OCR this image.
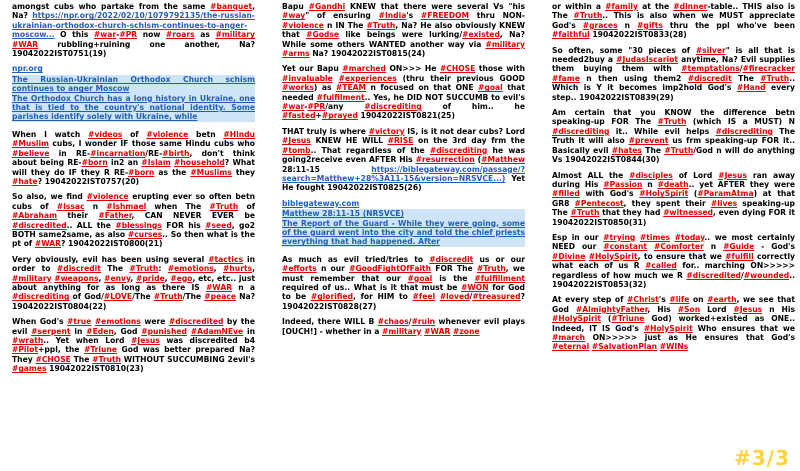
amongst cubs who partake from the same #banquet, Na? https://npr.org/2022/02/10/1079792135/the-russian-ukrainian-orthodox-church-schism-continues-to-anger-moscow... O this #war-#PR now #roars as #military #WAR rubbling+ruining one another, Na? 19042022IST0751(19)
npr.org
The Russian-Ukrainian Orthodox Church schism continues to anger Moscow
The Orthodox Church has a long history in Ukraine, one that is tied to the country's national identity. Some parishes identify solely with Ukraine, while
When I watch #videos of #violence betn #Hindu #Muslim cubs, I wonder IF those same Hindu cubs who #believe in RE-#incarnation/RE-#birth, don't think about being RE-#born in2 an #Islam #household? What will they do IF they R RE-#born as the #Muslims they #hate? 19042022IST0757(20)
So also, we find #violence erupting ever so often betn cubs of #Issac n #Ishmael when The #Truth of #Abraham their #Father, CAN NEVER EVER be #discredited.. ALL the #blessings FOR his #seed, go2 BOTH same2same, as also #curses.. So then what is the pt of #WAR? 19042022IST0800(21)
Very obviously, evil has been using several #tactics in order to #discredit The #Truth: #emotions, #hurts, #military #weapons, #envy, #pride, #ego, etc, etc.. just about anything for as long as there IS #WAR n a #discrediting of God/#LOVE/The #Truth/The #peace Na? 19042022IST0804(22)
When God's #true #emotions were #discredited by the evil #serpent in #Eden, God #punished #AdamNEve in #wrath.. Yet when Lord #Jesus was discredited b4 #Pilot+ppl, the #Triune God was better prepared Na? They #CHOSE The #Truth WITHOUT SUCCUMBING 2evil's #games 19042022IST0810(23)
Bapu #Gandhi KNEW that there were several Vs "his #way" of ensuring #India's #FREEDOM thru NON-#violence n IN The #Truth, Na? He also obviously KNEW that #Godse like beings were lurking/#existed, Na? While some others WANTED another way via #military #arms Na? 19042022IST0815(24)
Yet our Bapu #marched ON>>> He #CHOSE those with #invaluable #experiences (thru their previous GOOD #works) as #TEAM n focused on that ONE #goal that needed #fulfilment.. Yes, he DID NOT SUCCUMB to evil's #war-#PR/any #discrediting of him.. he #fasted+#prayed 19042022IST0821(25)
THAT truly is where #victory IS, is it not dear cubs? Lord #Jesus KNEW HE WILL #RISE on the 3rd day frm the #tomb.. That regardless of the #discrediting he was going2receive even AFTER His #resurrection (#Matthew 28:11-15 https://biblegateway.com/passage/?search=Matthew+28%3A11-15&version=NRSVCE...) Yet He fought 19042022IST0825(26)
biblegateway.com
Matthew 28:11-15 (NRSVCE)
The Report of the Guard - While they were going, some of the guard went into the city and told the chief priests everything that had happened. After
As much as evil tried/tries to #discredit us or our #efforts n our #GoodFightOfFaith FOR The #Truth, we must remember that our #goal is the #fulfillment required of us.. What is it that must be #WON for God to be #glorified, for HIM to #feel #loved/#treasured? 19042022IST0828(27)
Indeed, there WILL B #chaos/#ruin whenever evil plays [OUCH!] - whether in a #military #WAR #zone
or within a #family at the #dinner-table.. THIS also is The #Truth.. This is also when we MUST appreciate God's #graces n #gifts thru the ppl who've been #faithful 19042022IST0833(28)
So often, some "30 pieces of #silver" is all that is needed2buy a #JudasIscariot anytime, Na? Evil supplies them buying them with #temptations/#firecracker #fame n then using them2 #discredit The #Truth.. Which is Y it becomes imp2hold God's #Hand every step.. 19042022IST0839(29)
Am certain that you KNOW the difference betn speaking-up FOR The #Truth (which IS a MUST) N #discrediting it.. While evil helps #discrediting The Truth it will also #prevent us frm speaking-up FOR it.. Basically evil #hates The #Truth/God n will do anything Vs 19042022IST0844(30)
Almost ALL the #disciples of Lord #Jesus ran away during His #Passion n #death.. yet AFTER they were #filled with God's #HolySpirit (#ParamAtma) at that GR8 #Pentecost, they spent their #lives speaking-up The #Truth that they had #witnessed, even dying FOR it 19042022IST0850(31)
Esp in our #trying #times #today.. we most certainly NEED our #constant #Comforter n #Guide - God's #Divine #HolySpirit, to ensure that we #fulfill correctly what each of us R #called for.. marching ON>>>>> regardless of how much we R #discredited/#wounded.. 19042022IST0853(32)
At every step of #Christ's #life on #earth, we see that God #AlmightyFather, His #Son Lord #Jesus n His #HolySpirit (#Triune God) worked+existed as ONE.. Indeed, IT IS God's #HolySpirit Who ensures that we #march ON>>>>> just as He ensures that God's #eternal #SalvationPlan #WINs
#3/3
